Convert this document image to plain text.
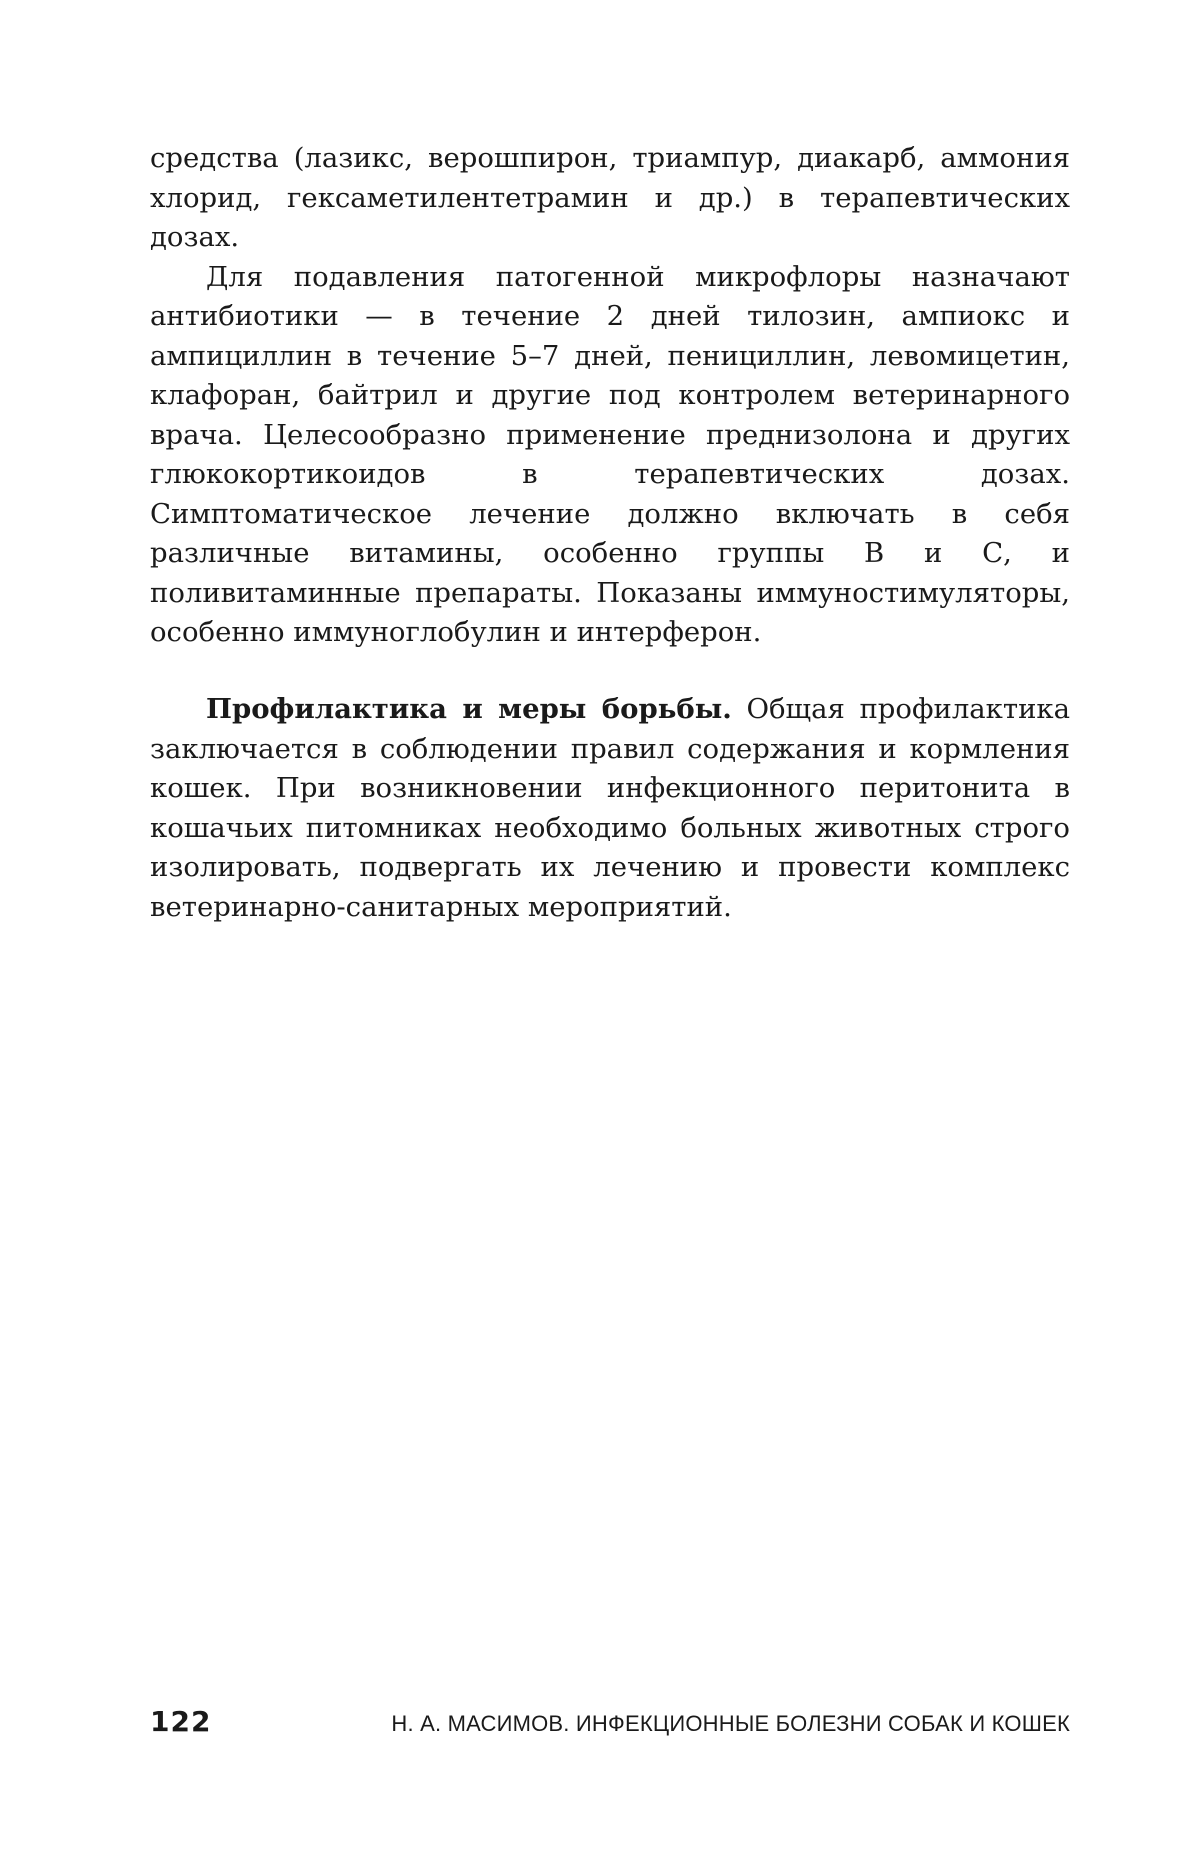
средства (лазикс, верошпирон, триампур, диакарб, аммония хлорид, гексаметилентетрамин и др.) в терапевтических дозах.

Для подавления патогенной микрофлоры назначают антибиотики — в течение 2 дней тилозин, ампиокс и ампициллин в течение 5–7 дней, пенициллин, левомицетин, клафоран, байтрил и другие под контролем ветеринарного врача. Целесообразно применение преднизолона и других глюкокортикоидов в терапевтических дозах. Симптоматическое лечение должно включать в себя различные витамины, особенно группы В и С, и поливитаминные препараты. Показаны иммуностимуляторы, особенно иммуноглобулин и интерферон.

Профилактика и меры борьбы. Общая профилактика заключается в соблюдении правил содержания и кормления кошек. При возникновении инфекционного перитонита в кошачьих питомниках необходимо больных животных строго изолировать, подвергать их лечению и провести комплекс ветеринарно-санитарных мероприятий.

122	Н. А. МАСИМОВ. ИНФЕКЦИОННЫЕ БОЛЕЗНИ СОБАК И КОШЕК
